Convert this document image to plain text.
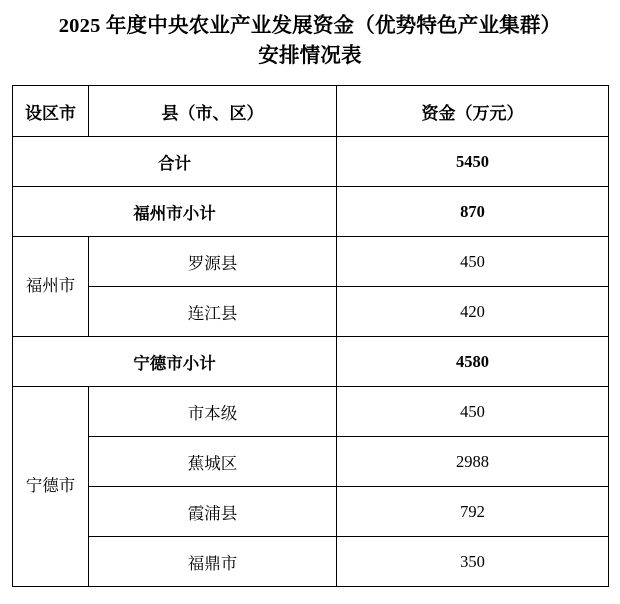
2025 年度中央农业产业发展资金（优势特色产业集群）
安排情况表
设区市	县（市、区）	资金（万元）
合计		5450
福州市小计		870
福州市	罗源县	450
	连江县	420
宁德市小计		4580
宁德市	市本级	450
	蕉城区	2988
	霞浦县	792
	福鼎市	350
